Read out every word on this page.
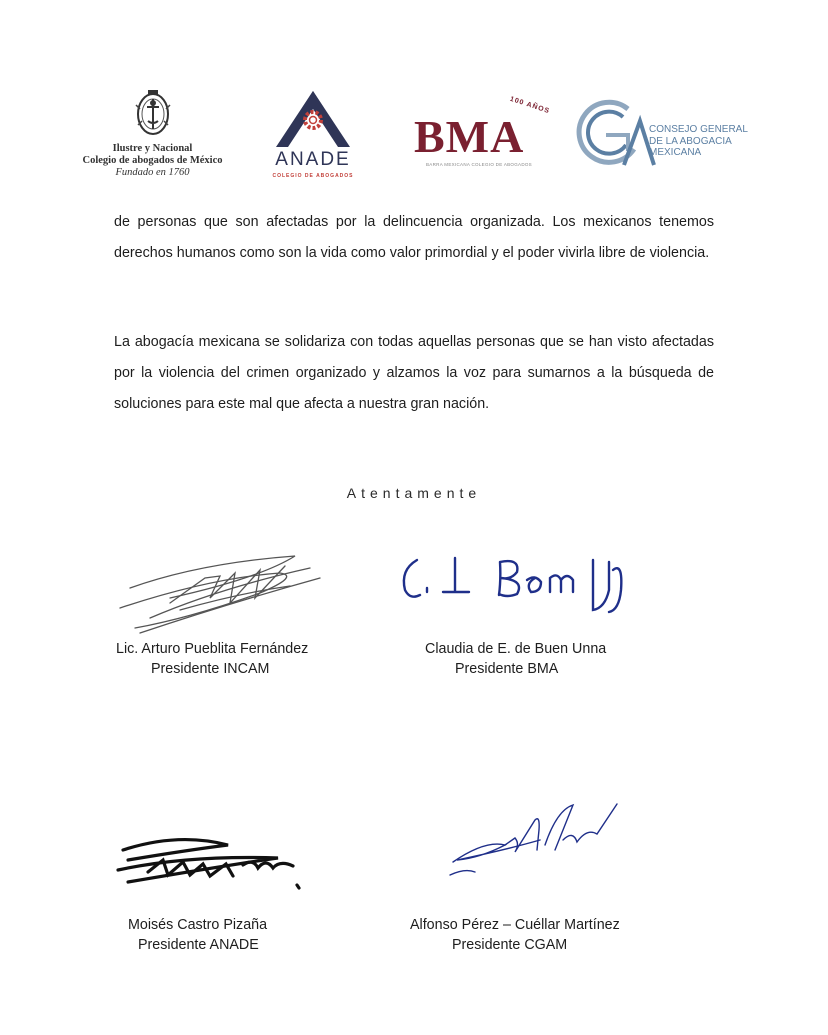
Ilustre y Nacional
Colegio de abogados de México
Fundado en 1760
ANADE
COLEGIO DE ABOGADOS
BMA
100 AÑOS
BARRA MEXICANA COLEGIO DE ABOGADOS
CONSEJO GENERAL
DE LA ABOGACIA
MEXICANA

de personas que son afectadas por la delincuencia organizada. Los mexicanos tenemos derechos humanos como son la vida como valor primordial y el poder vivirla libre de violencia.

La abogacía mexicana se solidariza con todas aquellas personas que se han visto afectadas por la violencia del crimen organizado y alzamos la voz para sumarnos a la búsqueda de soluciones para este mal que afecta a nuestra gran nación.

Atentamente
Lic. Arturo Pueblita Fernández
Presidente INCAM
Claudia de E. de Buen Unna
Presidente BMA
Moisés Castro Pizaña
Presidente ANADE
Alfonso Pérez – Cuéllar Martínez
Presidente CGAM
